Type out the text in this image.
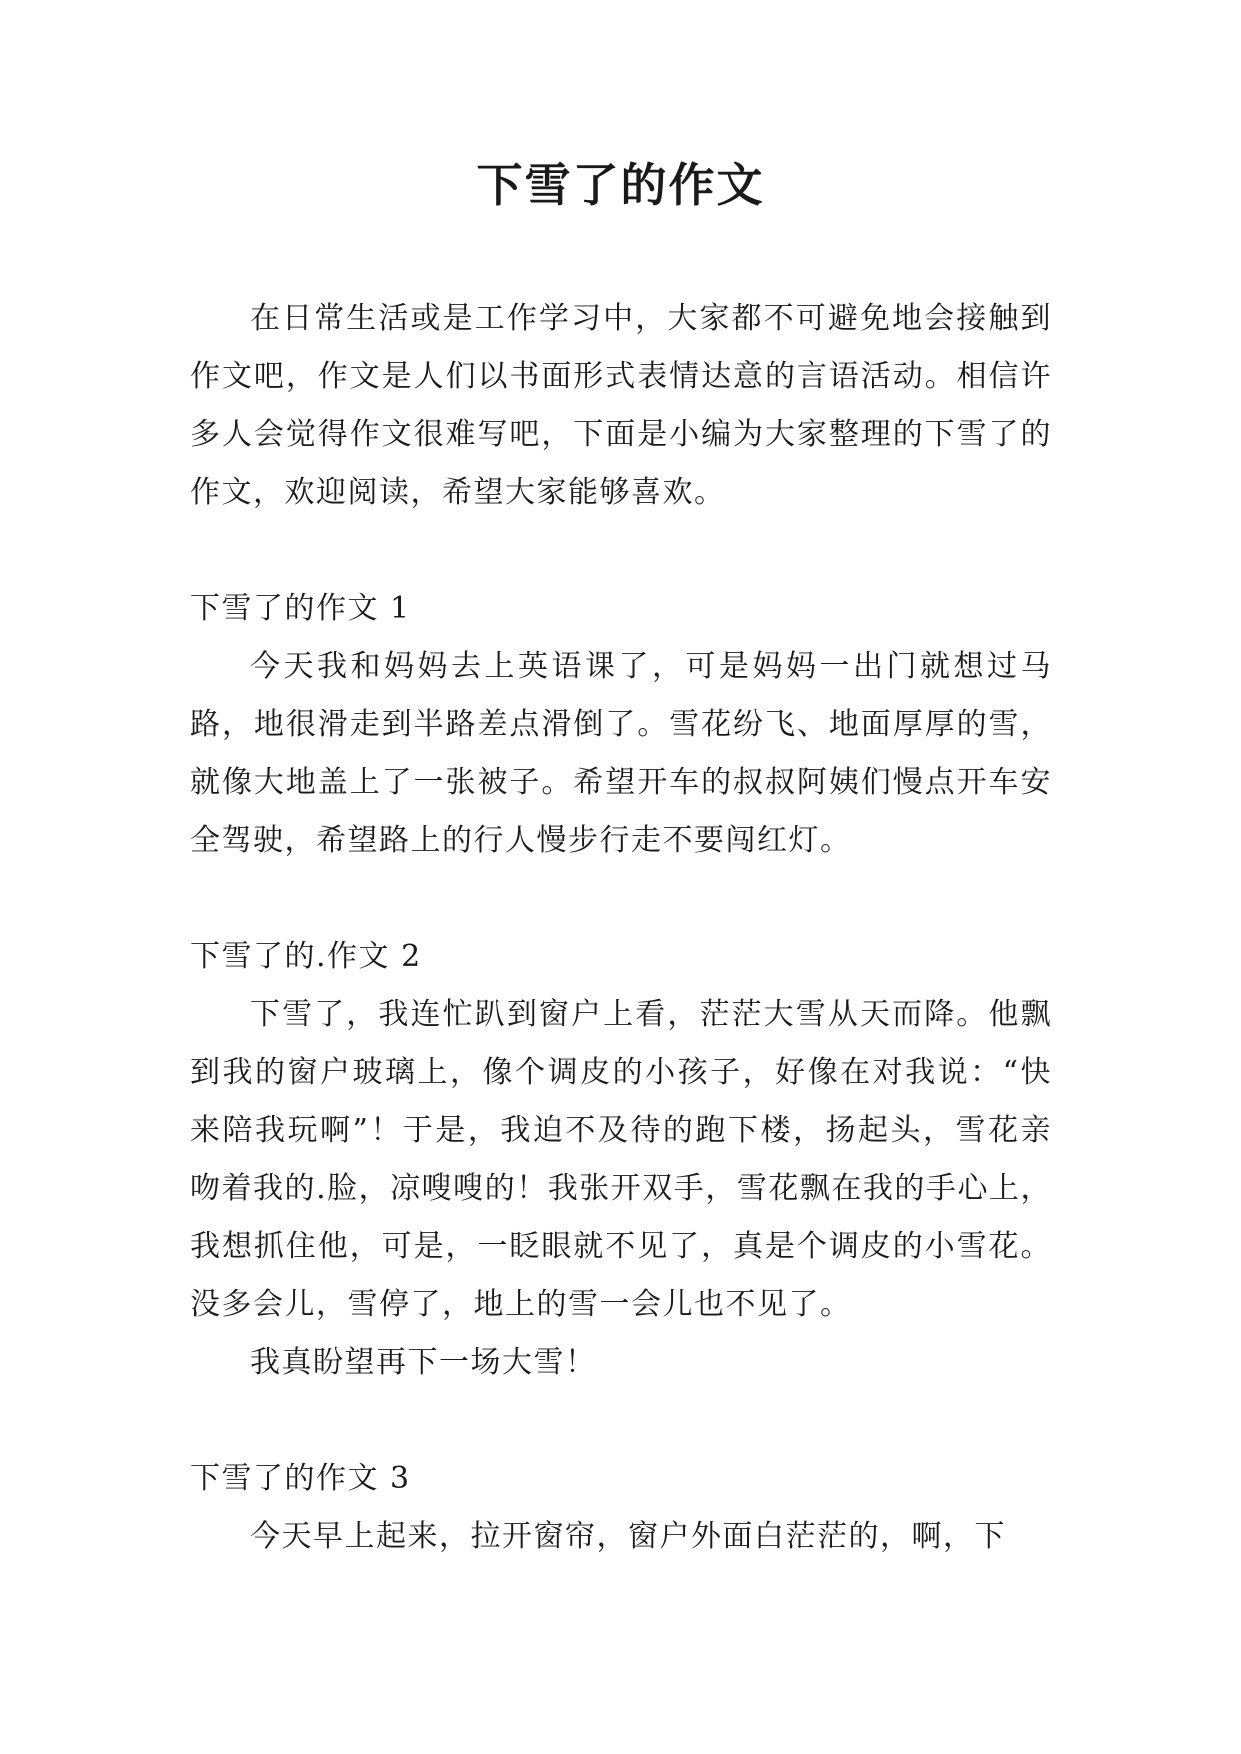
下雪了的作文

在日常生活或是工作学习中，大家都不可避免地会接触到作文吧，作文是人们以书面形式表情达意的言语活动。相信许多人会觉得作文很难写吧，下面是小编为大家整理的下雪了的作文，欢迎阅读，希望大家能够喜欢。

下雪了的作文 1

今天我和妈妈去上英语课了，可是妈妈一出门就想过马路，地很滑走到半路差点滑倒了。雪花纷飞、地面厚厚的雪，就像大地盖上了一张被子。希望开车的叔叔阿姨们慢点开车安全驾驶，希望路上的行人慢步行走不要闯红灯。

下雪了的.作文 2

下雪了，我连忙趴到窗户上看，茫茫大雪从天而降。他飘到我的窗户玻璃上，像个调皮的小孩子，好像在对我说：“快来陪我玩啊”！于是，我迫不及待的跑下楼，扬起头，雪花亲吻着我的.脸，凉嗖嗖的！我张开双手，雪花飘在我的手心上，我想抓住他，可是，一眨眼就不见了，真是个调皮的小雪花。没多会儿，雪停了，地上的雪一会儿也不见了。

我真盼望再下一场大雪！

下雪了的作文 3

今天早上起来，拉开窗帘，窗户外面白茫茫的，啊，下
